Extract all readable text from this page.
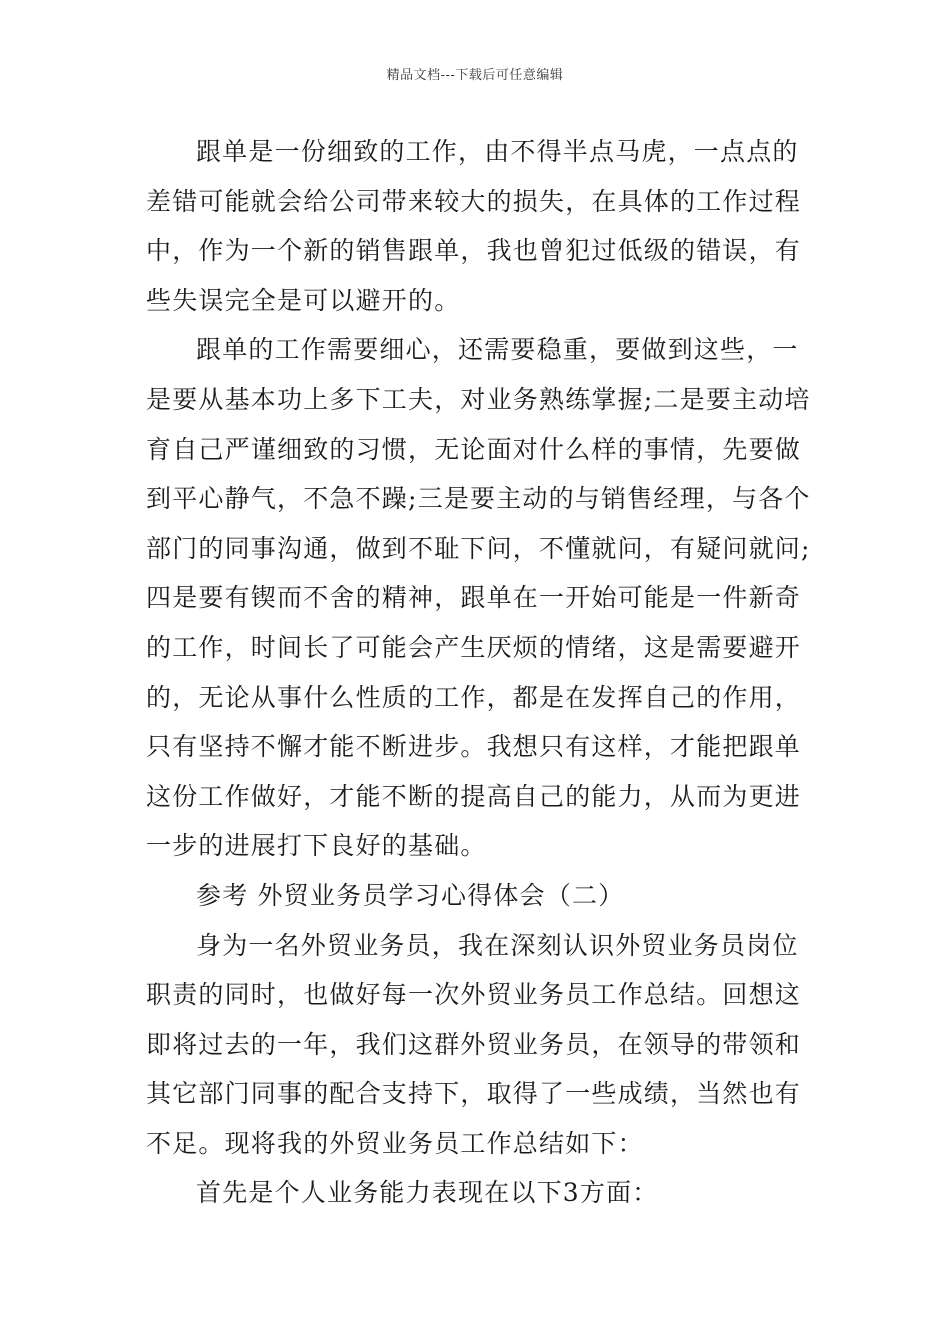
精品文档---下载后可任意编辑

跟单是一份细致的工作，由不得半点马虎，一点点的
差错可能就会给公司带来较大的损失，在具体的工作过程
中，作为一个新的销售跟单，我也曾犯过低级的错误，有
些失误完全是可以避开的。

跟单的工作需要细心，还需要稳重，要做到这些，一
是要从基本功上多下工夫，对业务熟练掌握;二是要主动培
育自己严谨细致的习惯，无论面对什么样的事情，先要做
到平心静气，不急不躁;三是要主动的与销售经理，与各个
部门的同事沟通，做到不耻下问，不懂就问，有疑问就问;
四是要有锲而不舍的精神，跟单在一开始可能是一件新奇
的工作，时间长了可能会产生厌烦的情绪，这是需要避开
的，无论从事什么性质的工作，都是在发挥自己的作用，
只有坚持不懈才能不断进步。我想只有这样，才能把跟单
这份工作做好，才能不断的提高自己的能力，从而为更进
一步的进展打下良好的基础。

参考 外贸业务员学习心得体会（二）

身为一名外贸业务员，我在深刻认识外贸业务员岗位
职责的同时，也做好每一次外贸业务员工作总结。回想这
即将过去的一年，我们这群外贸业务员，在领导的带领和
其它部门同事的配合支持下，取得了一些成绩，当然也有
不足。现将我的外贸业务员工作总结如下：

首先是个人业务能力表现在以下3方面：
